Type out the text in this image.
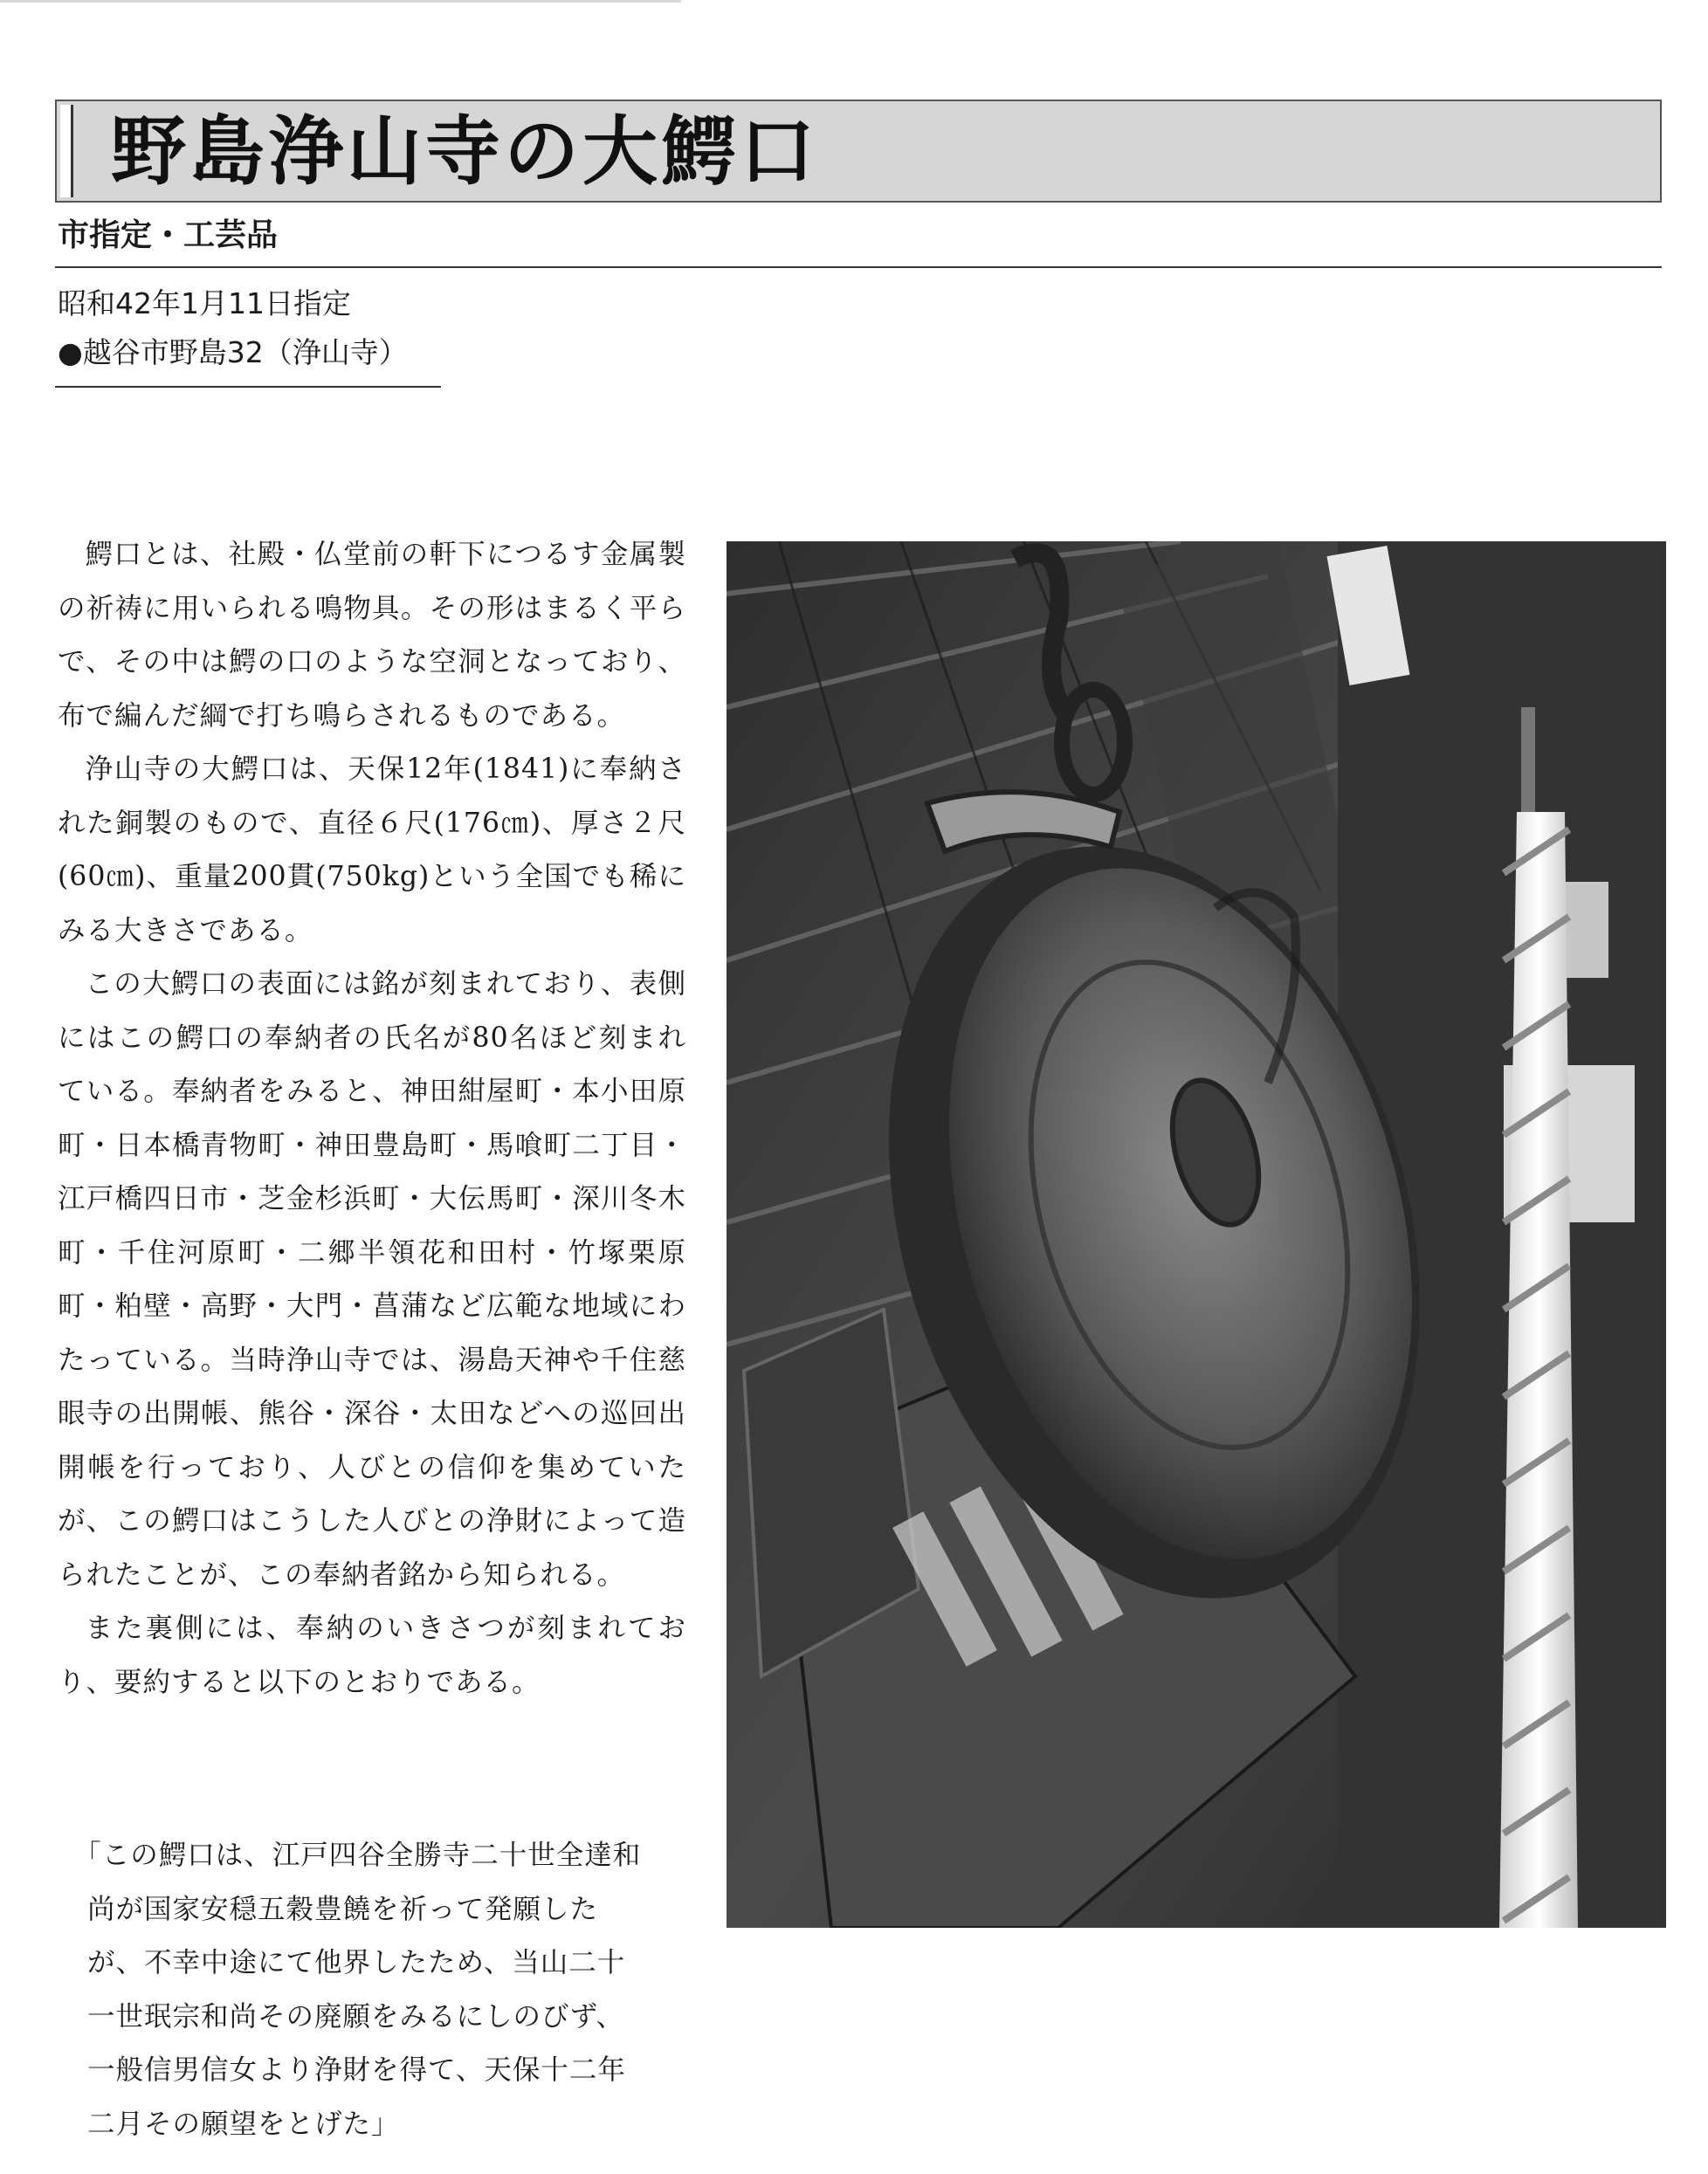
野島浄山寺の大鰐口
市指定・工芸品
昭和42年1月11日指定
●越谷市野島32（浄山寺）

鰐口とは、社殿・仏堂前の軒下につるす金属製の祈祷に用いられる鳴物具。その形はまるく平らで、その中は鰐の口のような空洞となっており、布で編んだ綱で打ち鳴らされるものである。

浄山寺の大鰐口は、天保12年(1841)に奉納された銅製のもので、直径６尺(176㎝)、厚さ２尺(60㎝)、重量200貫(750kg)という全国でも稀にみる大きさである。

この大鰐口の表面には銘が刻まれており、表側にはこの鰐口の奉納者の氏名が80名ほど刻まれている。奉納者をみると、神田紺屋町・本小田原町・日本橋青物町・神田豊島町・馬喰町二丁目・江戸橋四日市・芝金杉浜町・大伝馬町・深川冬木町・千住河原町・二郷半領花和田村・竹塚栗原町・粕壁・高野・大門・菖蒲など広範な地域にわたっている。当時浄山寺では、湯島天神や千住慈眼寺の出開帳、熊谷・深谷・太田などへの巡回出開帳を行っており、人びとの信仰を集めていたが、この鰐口はこうした人びとの浄財によって造られたことが、この奉納者銘から知られる。

また裏側には、奉納のいきさつが刻まれており、要約すると以下のとおりである。

「この鰐口は、江戸四谷全勝寺二十世全達和尚が国家安穏五穀豊饒を祈って発願したが、不幸中途にて他界したため、当山二十一世珉宗和尚その廃願をみるにしのびず、一般信男信女より浄財を得て、天保十二年二月その願望をとげた」
